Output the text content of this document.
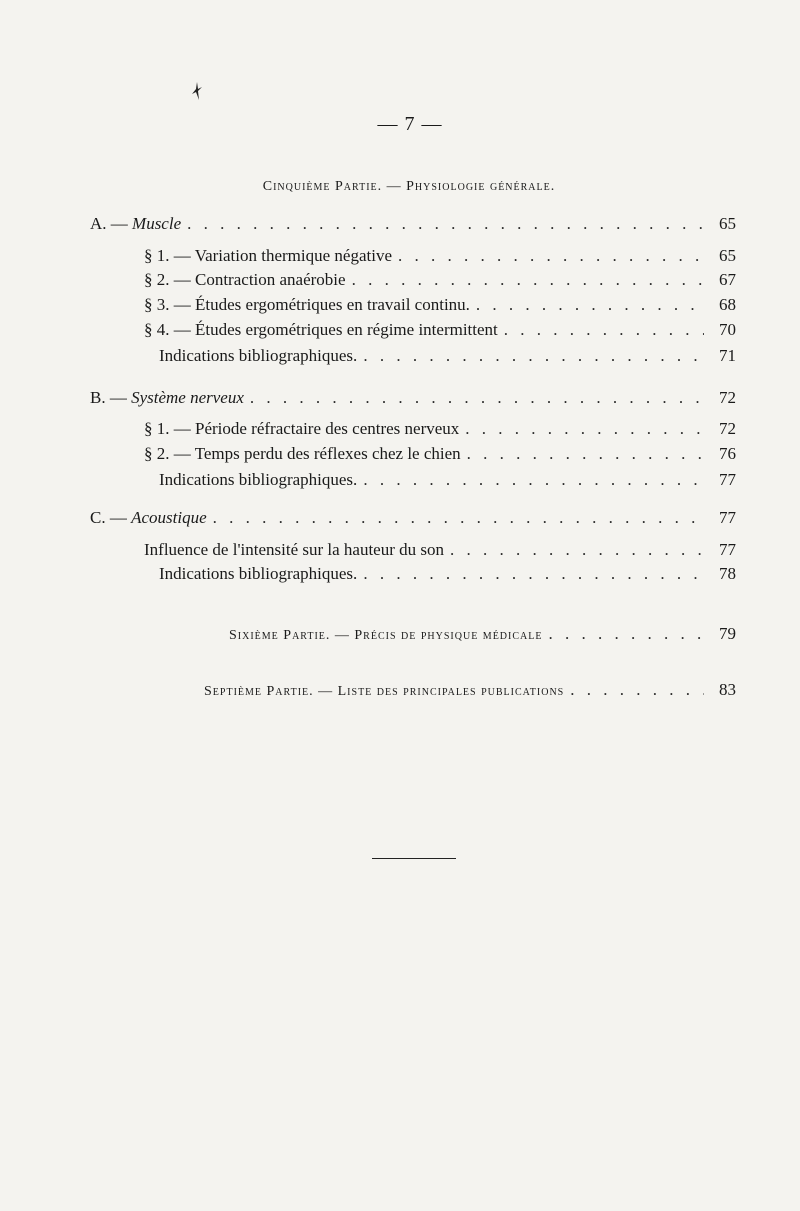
— 7 —
Cinquième Partie. — Physiologie générale.
A. — Muscle . . .	65
§ 1. — Variation thermique négative . . .	65
§ 2. — Contraction anaérobie . . .	67
§ 3. — Études ergométriques en travail continu. . . .	68
§ 4. — Études ergométriques en régime intermittent . . .	70
Indications bibliographiques. . . .	71
B. — Système nerveux . . .	72
§ 1. — Période réfractaire des centres nerveux . . .	72
§ 2. — Temps perdu des réflexes chez le chien . . .	76
Indications bibliographiques. . . .	77
C. — Acoustique . . .	77
Influence de l'intensité sur la hauteur du son . . .	77
Indications bibliographiques. . . .	78
Sixième Partie. — Précis de physique médicale . . .	79
Septième Partie. — Liste des principales publications . . .	83
